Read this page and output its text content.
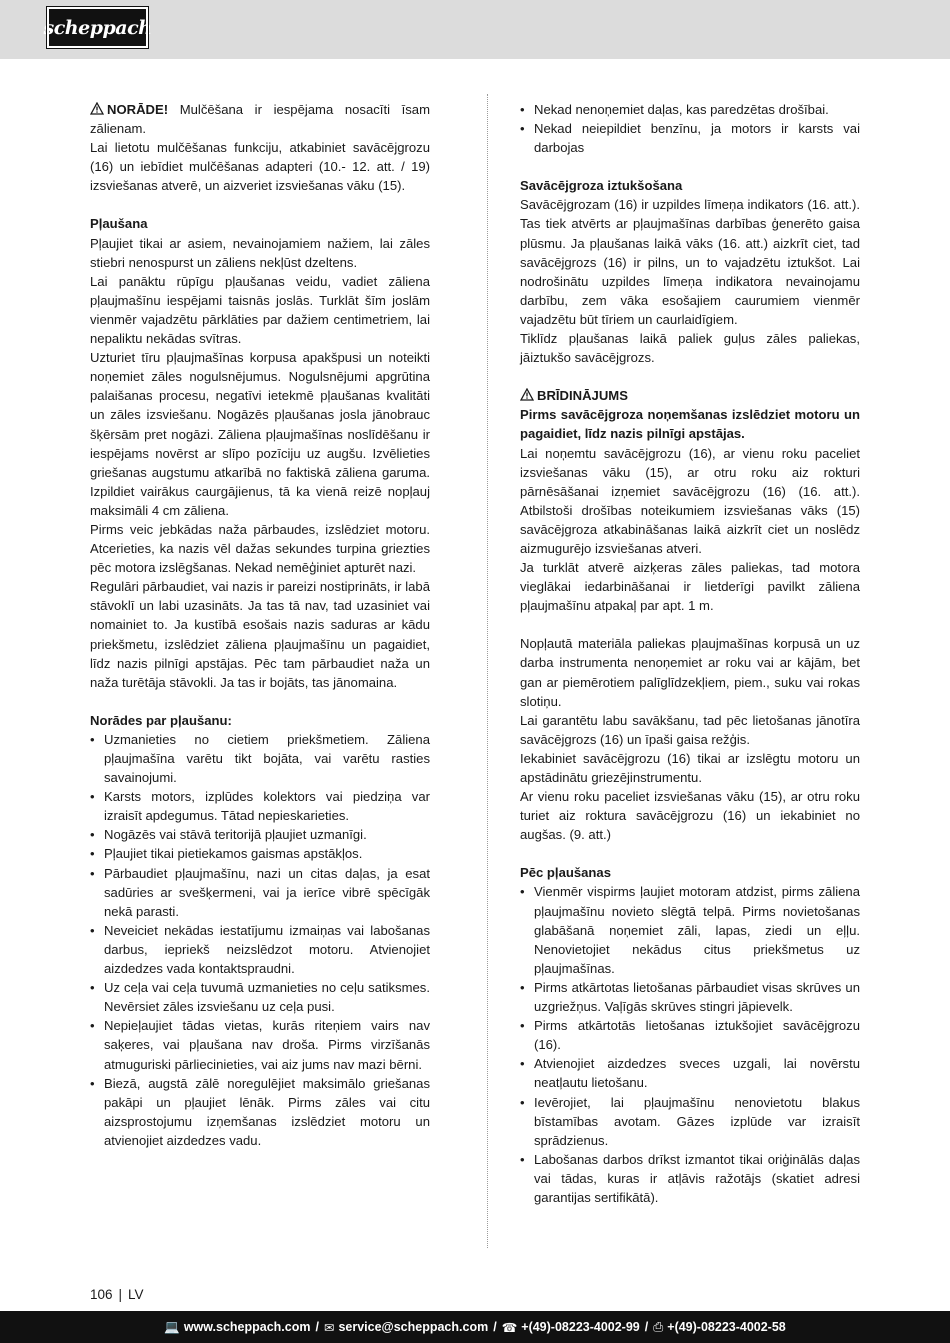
scheppach

NORĀDE! Mulčēšana ir iespējama nosacīti īsam zālienam.

Lai lietotu mulčēšanas funkciju, atkabiniet savācējgrozu (16) un iebīdiet mulčēšanas adapteri (10.- 12. att. / 19) izsviešanas atverē, un aizveriet izsviešanas vāku (15).

Pļaušana

Pļaujiet tikai ar asiem, nevainojamiem nažiem, lai zāles stiebri nenospurst un zāliens nekļūst dzeltens.

Lai panāktu rūpīgu pļaušanas veidu, vadiet zāliena pļaujmašīnu iespējami taisnās joslās. Turklāt šīm joslām vienmēr vajadzētu pārklāties par dažiem centimetriem, lai nepaliktu nekādas svītras.

Uzturiet tīru pļaujmašīnas korpusa apakšpusi un noteikti noņemiet zāles nogulsnējumus. Nogulsnējumi apgrūtina palaišanas procesu, negatīvi ietekmē pļaušanas kvalitāti un zāles izsviešanu. Nogāzēs pļaušanas josla jānobrauc šķērsām pret nogāzi. Zāliena pļaujmašīnas noslīdēšanu ir iespējams novērst ar slīpo pozīciju uz augšu. Izvēlieties griešanas augstumu atkarībā no faktiskā zāliena garuma. Izpildiet vairākus caurgājienus, tā ka vienā reizē nopļauj maksimāli 4 cm zāliena.

Pirms veic jebkādas naža pārbaudes, izslēdziet motoru. Atcerieties, ka nazis vēl dažas sekundes turpina griezties pēc motora izslēgšanas. Nekad nemēģiniet apturēt nazi.

Regulāri pārbaudiet, vai nazis ir pareizi nostiprināts, ir labā stāvoklī un labi uzasināts. Ja tas tā nav, tad uzasiniet vai nomainiet to. Ja kustībā esošais nazis saduras ar kādu priekšmetu, izslēdziet zāliena pļaujmašīnu un pagaidiet, līdz nazis pilnīgi apstājas. Pēc tam pārbaudiet naža un naža turētāja stāvokli. Ja tas ir bojāts, tas jānomaina.

Norādes par pļaušanu:

• Uzmanieties no cietiem priekšmetiem. Zāliena pļaujmašīna varētu tikt bojāta, vai varētu rasties savainojumi.
• Karsts motors, izplūdes kolektors vai piedziņa var izraisīt apdegumus. Tātad nepieskarieties.
• Nogāzēs vai stāvā teritorijā pļaujiet uzmanīgi.
• Pļaujiet tikai pietiekamos gaismas apstākļos.
• Pārbaudiet pļaujmašīnu, nazi un citas daļas, ja esat sadūries ar svešķermeni, vai ja ierīce vibrē spēcīgāk nekā parasti.
• Neveiciet nekādas iestatījumu izmaiņas vai labošanas darbus, iepriekš neizslēdzot motoru. Atvienojiet aizdedzes vada kontaktspraudni.
• Uz ceļa vai ceļa tuvumā uzmanieties no ceļu satiksmes. Nevērsiet zāles izsviešanu uz ceļa pusi.
• Nepieļaujiet tādas vietas, kurās riteņiem vairs nav saķeres, vai pļaušana nav droša. Pirms virzīšanās atmuguriski pārliecinieties, vai aiz jums nav mazi bērni.
• Biezā, augstā zālē noregulējiet maksimālo griešanas pakāpi un pļaujiet lēnāk. Pirms zāles vai citu aizsprostojumu izņemšanas izslēdziet motoru un atvienojiet aizdedzes vadu.
• Nekad nenoņemiet daļas, kas paredzētas drošībai.
• Nekad neiepildiet benzīnu, ja motors ir karsts vai darbojas

Savācējgroza iztukšošana

Savācējgrozam (16) ir uzpildes līmeņa indikators (16. att.). Tas tiek atvērts ar pļaujmašīnas darbības ģenerēto gaisa plūsmu. Ja pļaušanas laikā vāks (16. att.) aizkrīt ciet, tad savācējgrozs (16) ir pilns, un to vajadzētu iztukšot. Lai nodrošinātu uzpildes līmeņa indikatora nevainojamu darbību, zem vāka esošajiem caurumiem vienmēr vajadzētu būt tīriem un caurlaidīgiem.

Tiklīdz pļaušanas laikā paliek guļus zāles paliekas, jāiztukšo savācējgrozs.

BRĪDINĀJUMS

Pirms savācējgroza noņemšanas izslēdziet motoru un pagaidiet, līdz nazis pilnīgi apstājas.

Lai noņemtu savācējgrozu (16), ar vienu roku paceliet izsviešanas vāku (15), ar otru roku aiz rokturi pārnēsāšanai izņemiet savācējgrozu (16) (16. att.). Atbilstoši drošības noteikumiem izsviešanas vāks (15) savācējgroza atkabināšanas laikā aizkrīt ciet un noslēdz aizmugurējo izsviešanas atveri.

Ja turklāt atverē aizķeras zāles paliekas, tad motora vieglākai iedarbināšanai ir lietderīgi pavilkt zāliena pļaujmašīnu atpakaļ par apt. 1 m.

Nopļautā materiāla paliekas pļaujmašīnas korpusā un uz darba instrumenta nenoņemiet ar roku vai ar kājām, bet gan ar piemērotiem palīglīdzekļiem, piem., suku vai rokas slotiņu.

Lai garantētu labu savākšanu, tad pēc lietošanas jānotīra savācējgrozs (16) un īpaši gaisa režģis.

Iekabiniet savācējgrozu (16) tikai ar izslēgtu motoru un apstādinātu griezējinstrumentu.

Ar vienu roku paceliet izsviešanas vāku (15), ar otru roku turiet aiz roktura savācējgrozu (16) un iekabiniet no augšas. (9. att.)

Pēc pļaušanas

• Vienmēr vispirms ļaujiet motoram atdzist, pirms zāliena pļaujmašīnu novieto slēgtā telpā. Pirms novietošanas glabāšanā noņemiet zāli, lapas, ziedi un eļļu. Nenovietojiet nekādus citus priekšmetus uz pļaujmašīnas.
• Pirms atkārtotas lietošanas pārbaudiet visas skrūves un uzgriežņus. Vaļīgās skrūves stingri jāpievelk.
• Pirms atkārtotās lietošanas iztukšojiet savācējgrozu (16).
• Atvienojiet aizdedzes sveces uzgali, lai novērstu neatļautu lietošanu.
• Ievērojiet, lai pļaujmašīnu nenovietotu blakus bīstamības avotam. Gāzes izplūde var izraisīt sprādzienus.
• Labošanas darbos drīkst izmantot tikai oriģinālās daļas vai tādas, kuras ir atļāvis ražotājs (skatiet adresi garantijas sertifikātā).
106 | LV
💻 www.scheppach.com / ✉ service@scheppach.com / ☎ +(49)-08223-4002-99 / ⎙ +(49)-08223-4002-58
